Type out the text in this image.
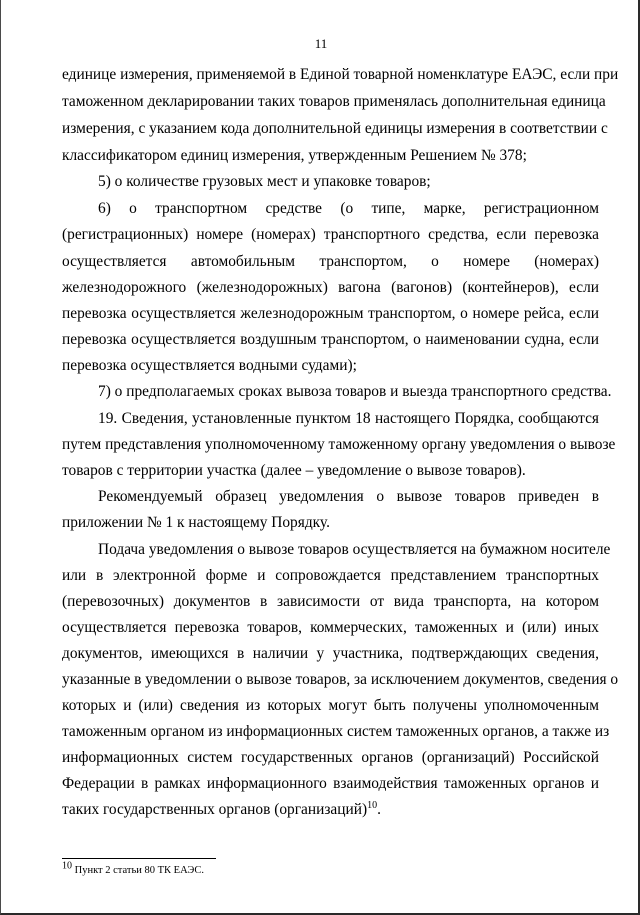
11
единице измерения, применяемой в Единой товарной номенклатуре ЕАЭС, если при
таможенном декларировании таких товаров применялась дополнительная единица
измерения, с указанием кода дополнительной единицы измерения в соответствии с
классификатором единиц измерения, утвержденным Решением № 378;
5) о количестве грузовых мест и упаковке товаров;
6) о транспортном средстве (о типе, марке, регистрационном
(регистрационных) номере (номерах) транспортного средства, если перевозка
осуществляется автомобильным транспортом, о номере (номерах)
железнодорожного (железнодорожных) вагона (вагонов) (контейнеров), если
перевозка осуществляется железнодорожным транспортом, о номере рейса, если
перевозка осуществляется воздушным транспортом, о наименовании судна, если
перевозка осуществляется водными судами);
7) о предполагаемых сроках вывоза товаров и выезда транспортного средства.
19. Сведения, установленные пунктом 18 настоящего Порядка, сообщаются
путем представления уполномоченному таможенному органу уведомления о вывозе
товаров с территории участка (далее – уведомление о вывозе товаров).
Рекомендуемый образец уведомления о вывозе товаров приведен в
приложении № 1 к настоящему Порядку.
Подача уведомления о вывозе товаров осуществляется на бумажном носителе
или в электронной форме и сопровождается представлением транспортных
(перевозочных) документов в зависимости от вида транспорта, на котором
осуществляется перевозка товаров, коммерческих, таможенных и (или) иных
документов, имеющихся в наличии у участника, подтверждающих сведения,
указанные в уведомлении о вывозе товаров, за исключением документов, сведения о
которых и (или) сведения из которых могут быть получены уполномоченным
таможенным органом из информационных систем таможенных органов, а также из
информационных систем государственных органов (организаций) Российской
Федерации в рамках информационного взаимодействия таможенных органов и
таких государственных органов (организаций)$^{10}$.
$^{10}$ Пункт 2 статьи 80 ТК ЕАЭС.
